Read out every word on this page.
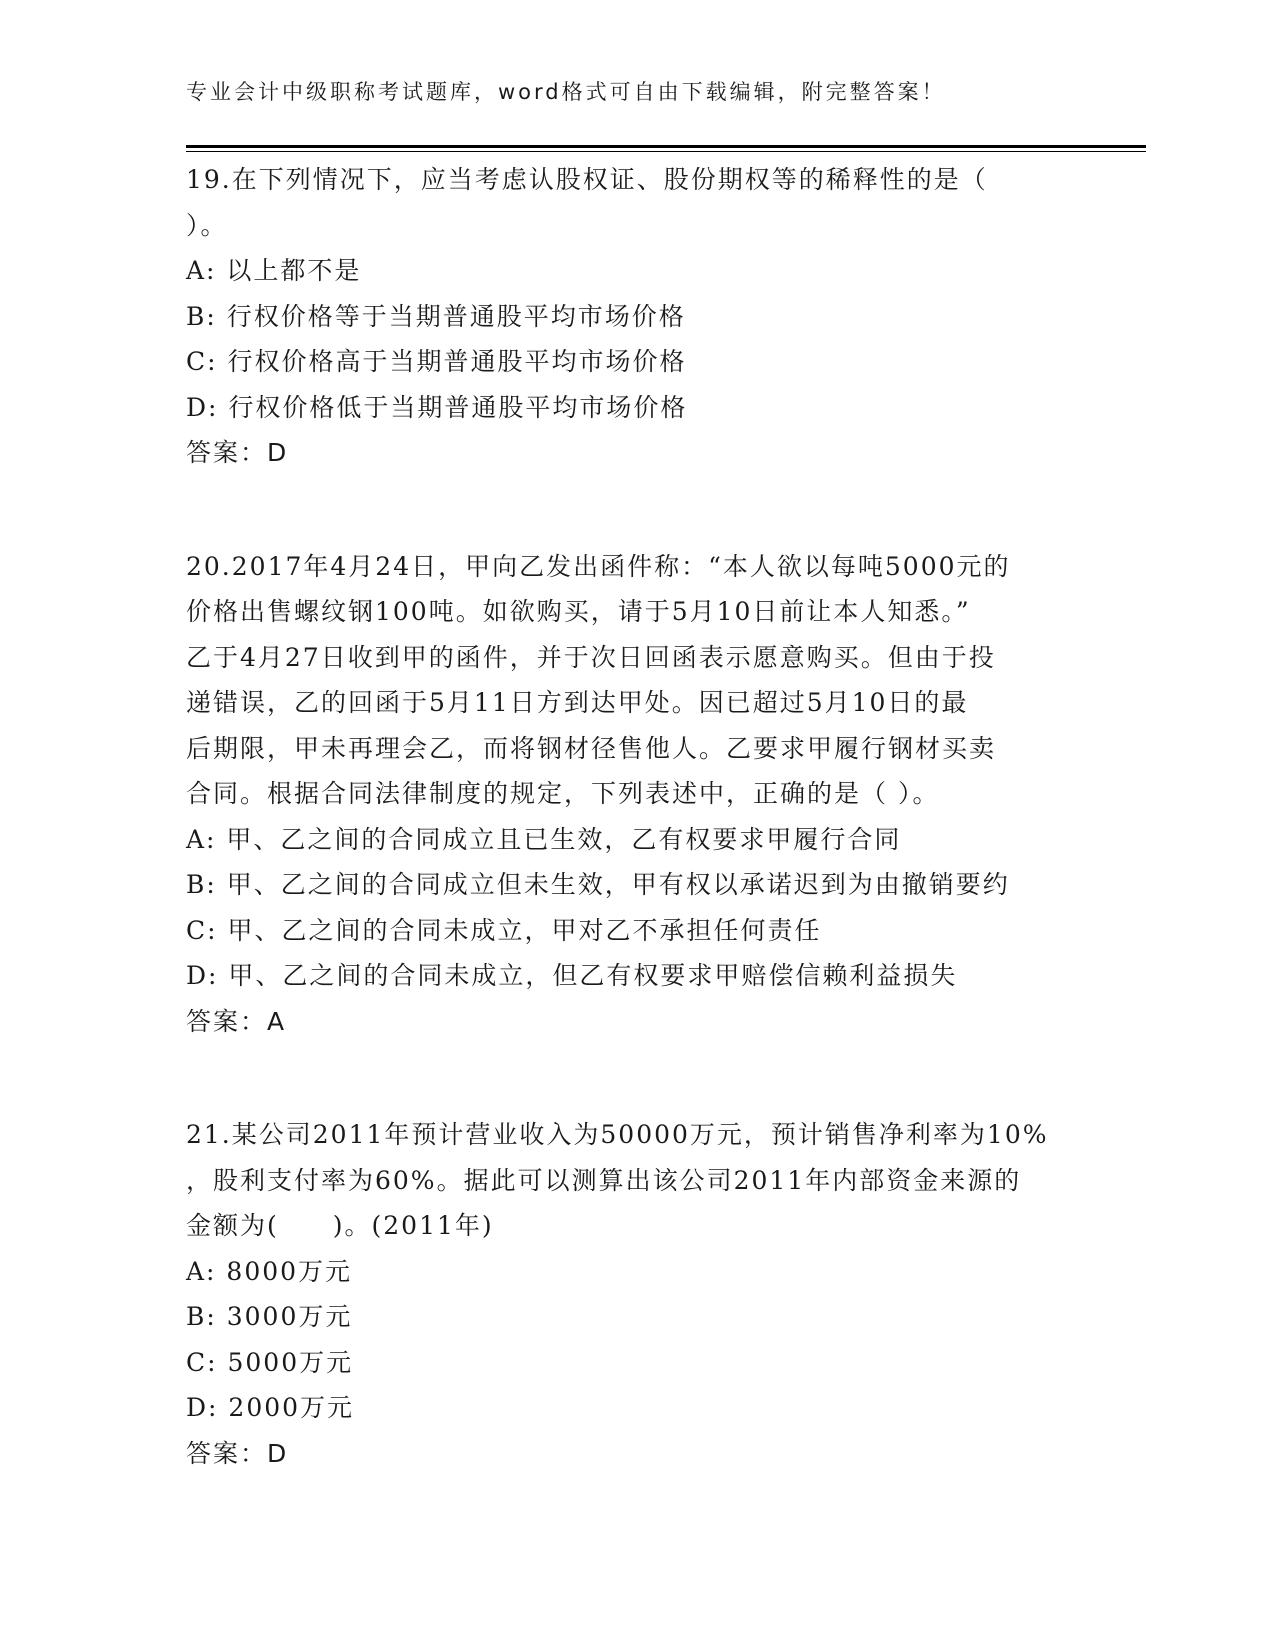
专业会计中级职称考试题库，word格式可自由下载编辑，附完整答案！
19.在下列情况下，应当考虑认股权证、股份期权等的稀释性的是（
）。
A: 以上都不是
B: 行权价格等于当期普通股平均市场价格
C: 行权价格高于当期普通股平均市场价格
D: 行权价格低于当期普通股平均市场价格
答案：D
20.2017年4月24日，甲向乙发出函件称：“本人欲以每吨5000元的
价格出售螺纹钢100吨。如欲购买，请于5月10日前让本人知悉。”
乙于4月27日收到甲的函件，并于次日回函表示愿意购买。但由于投
递错误，乙的回函于5月11日方到达甲处。因已超过5月10日的最
后期限，甲未再理会乙，而将钢材径售他人。乙要求甲履行钢材买卖
合同。根据合同法律制度的规定，下列表述中，正确的是（ ）。
A: 甲、乙之间的合同成立且已生效，乙有权要求甲履行合同
B: 甲、乙之间的合同成立但未生效，甲有权以承诺迟到为由撤销要约
C: 甲、乙之间的合同未成立，甲对乙不承担任何责任
D: 甲、乙之间的合同未成立，但乙有权要求甲赔偿信赖利益损失
答案：A
21.某公司2011年预计营业收入为50000万元，预计销售净利率为10%
，股利支付率为60%。据此可以测算出该公司2011年内部资金来源的
金额为(　　)。(2011年)
A: 8000万元
B: 3000万元
C: 5000万元
D: 2000万元
答案：D
